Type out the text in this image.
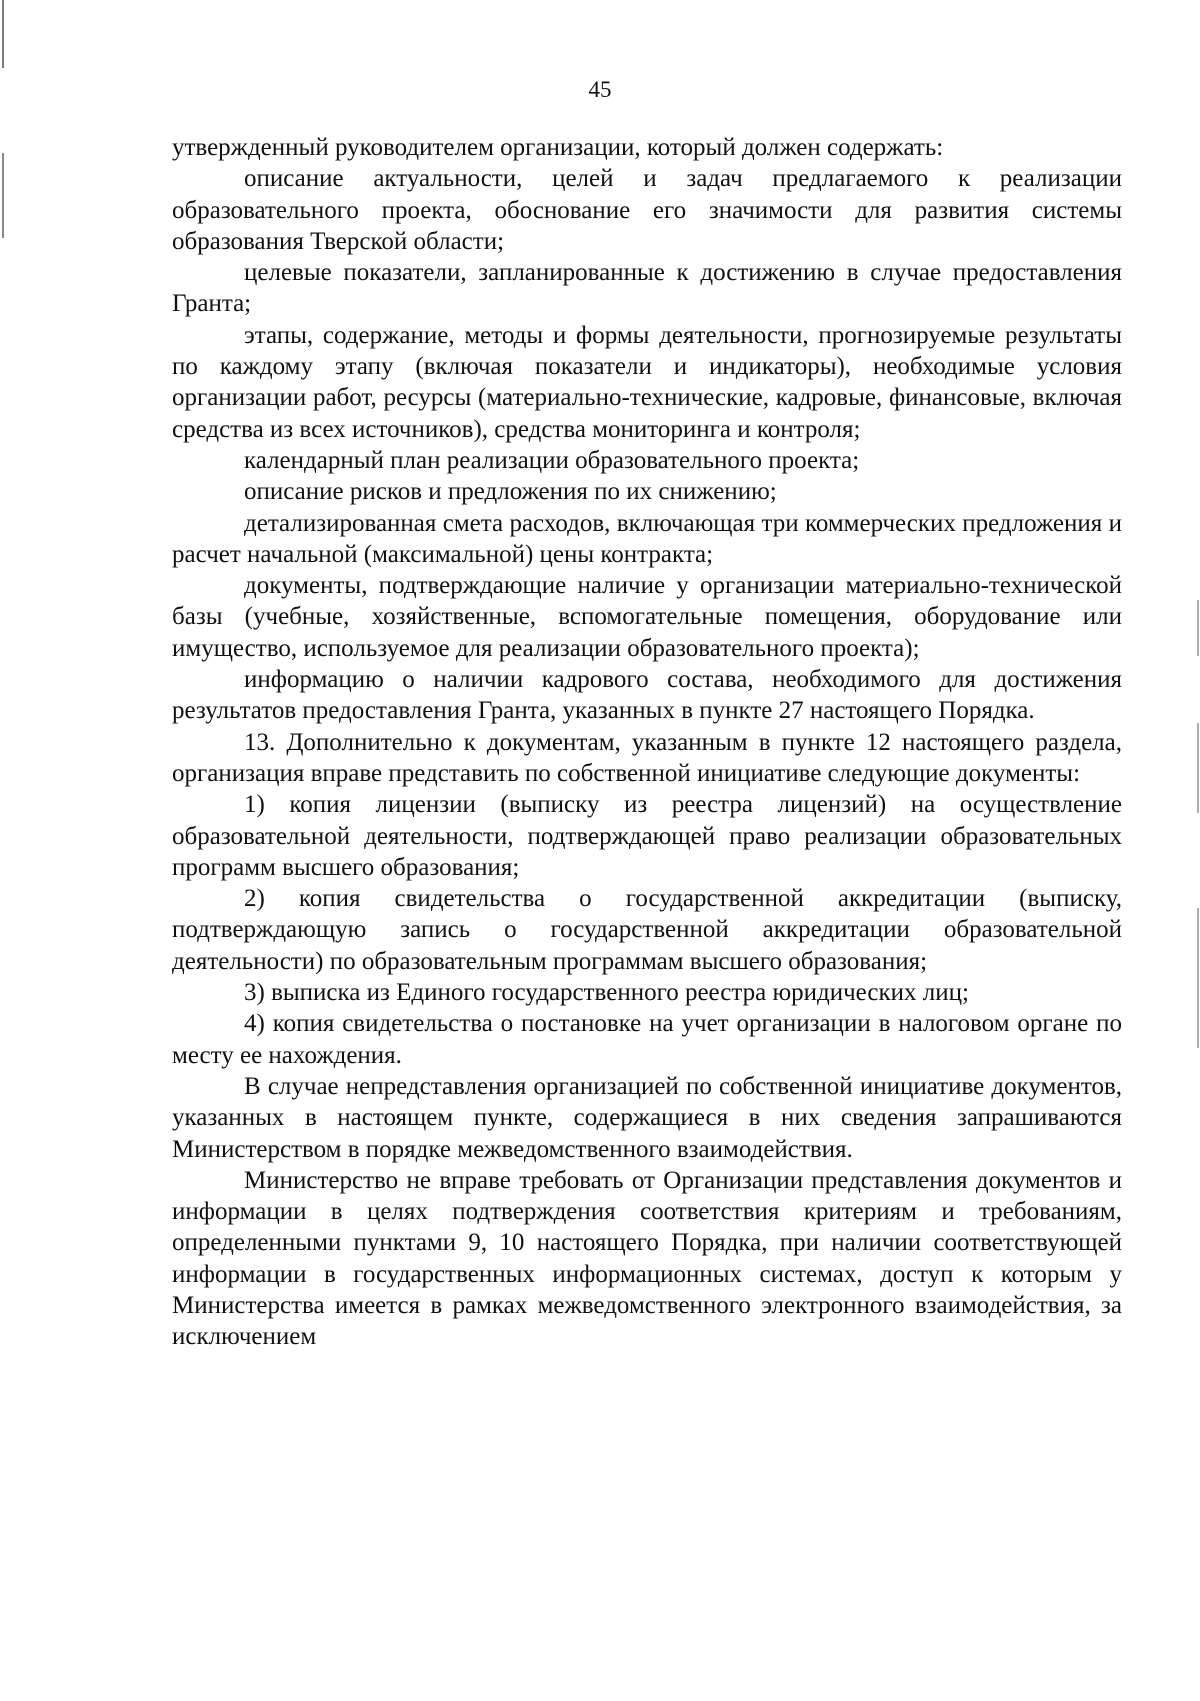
45

утвержденный руководителем организации, который должен содержать:

описание актуальности, целей и задач предлагаемого к реализации образовательного проекта, обоснование его значимости для развития системы образования Тверской области;

целевые показатели, запланированные к достижению в случае предоставления Гранта;

этапы, содержание, методы и формы деятельности, прогнозируемые результаты по каждому этапу (включая показатели и индикаторы), необходимые условия организации работ, ресурсы (материально-технические, кадровые, финансовые, включая средства из всех источников), средства мониторинга и контроля;

календарный план реализации образовательного проекта;

описание рисков и предложения по их снижению;

детализированная смета расходов, включающая три коммерческих предложения и расчет начальной (максимальной) цены контракта;

документы, подтверждающие наличие у организации материально-технической базы (учебные, хозяйственные, вспомогательные помещения, оборудование или имущество, используемое для реализации образовательного проекта);

информацию о наличии кадрового состава, необходимого для достижения результатов предоставления Гранта, указанных в пункте 27 настоящего Порядка.

13. Дополнительно к документам, указанным в пункте 12 настоящего раздела, организация вправе представить по собственной инициативе следующие документы:

1) копия лицензии (выписку из реестра лицензий) на осуществление образовательной деятельности, подтверждающей право реализации образовательных программ высшего образования;

2) копия свидетельства о государственной аккредитации (выписку, подтверждающую запись о государственной аккредитации образовательной деятельности) по образовательным программам высшего образования;

3) выписка из Единого государственного реестра юридических лиц;

4) копия свидетельства о постановке на учет организации в налоговом органе по месту ее нахождения.

В случае непредставления организацией по собственной инициативе документов, указанных в настоящем пункте, содержащиеся в них сведения запрашиваются Министерством в порядке межведомственного взаимодействия.

Министерство не вправе требовать от Организации представления документов и информации в целях подтверждения соответствия критериям и требованиям, определенными пунктами 9, 10 настоящего Порядка, при наличии соответствующей информации в государственных информационных системах, доступ к которым у Министерства имеется в рамках межведомственного электронного взаимодействия, за исключением
